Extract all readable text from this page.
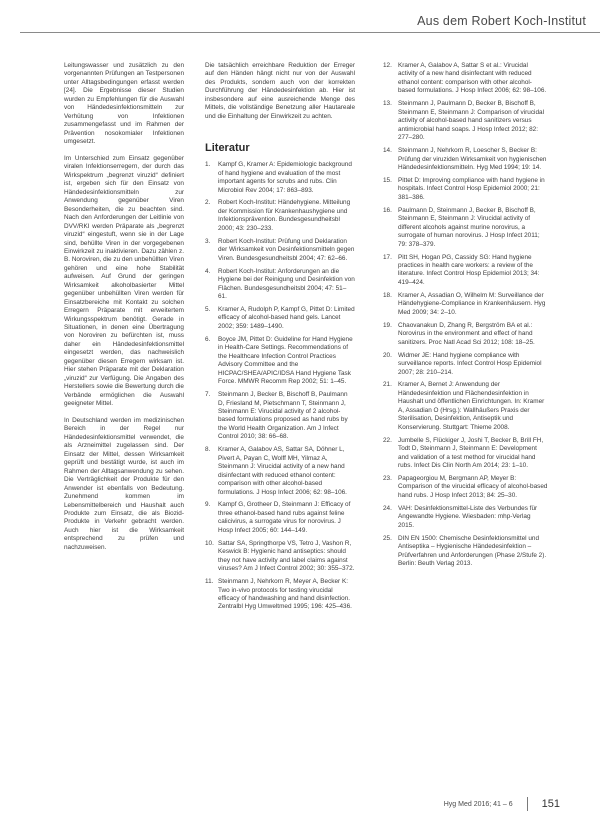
Aus dem Robert Koch-Institut

Leitungswasser und zusätzlich zu den vorgenannten Prüfungen an Testpersonen unter Alltagsbedingungen erfasst werden [24]. Die Ergebnisse dieser Studien wurden zu Empfehlungen für die Auswahl von Händedesinfektionsmitteln zur Verhütung von Infektionen zusammengefasst und im Rahmen der Prävention nosokomialer Infektionen umgesetzt.

Im Unterschied zum Einsatz gegenüber viralen Infektionserregern, der durch das Wirkspektrum „begrenzt viruzid“ definiert ist, ergeben sich für den Einsatz von Händedesinfektionsmitteln zur Anwendung gegenüber Viren Besonderheiten, die zu beachten sind. Nach den Anforderungen der Leitlinie von DVV/RKI werden Präparate als „begrenzt viruzid“ eingestuft, wenn sie in der Lage sind, behüllte Viren in der vorgegebenen Einwirkzeit zu inaktivieren. Dazu zählen z. B. Noroviren, die zu den unbehüllten Viren gehören und eine hohe Stabilität aufweisen. Auf Grund der geringen Wirksamkeit alkoholbasierter Mittel gegenüber unbehüllten Viren werden für Einsatzbereiche mit Kontakt zu solchen Erregern Präparate mit erweitertem Wirkungsspektrum benötigt. Gerade in Situationen, in denen eine Übertragung von Noroviren zu befürchten ist, muss daher ein Händedesinfektionsmittel eingesetzt werden, das nachweislich gegenüber diesen Erregern wirksam ist. Hier stehen Präparate mit der Deklaration „viruzid“ zur Verfügung. Die Angaben des Herstellers sowie die Bewertung durch die Verbände ermöglichen die Auswahl geeigneter Mittel.

In Deutschland werden im medizinischen Bereich in der Regel nur Händedesinfektionsmittel verwendet, die als Arzneimittel zugelassen sind. Der Einsatz der Mittel, dessen Wirksamkeit geprüft und bestätigt wurde, ist auch im Rahmen der Alltagsanwendung zu sehen. Die Verträglichkeit der Produkte für den Anwender ist ebenfalls von Bedeutung. Zunehmend kommen im Lebensmittelbereich und Haushalt auch Produkte zum Einsatz, die als Biozid-Produkte in Verkehr gebracht werden. Auch hier ist die Wirksamkeit entsprechend zu prüfen und nachzuweisen.

Die tatsächlich erreichbare Reduktion der Erreger auf den Händen hängt nicht nur von der Auswahl des Produkts, sondern auch von der korrekten Durchführung der Händedesinfektion ab. Hier ist insbesondere auf eine ausreichende Menge des Mittels, die vollständige Benetzung aller Hautareale und die Einhaltung der Einwirkzeit zu achten.

Literatur
1.	Kampf G, Kramer A: Epidemiologic background of hand hygiene and evaluation of the most important agents for scrubs and rubs. Clin Microbiol Rev 2004; 17: 863–893.
2.	Robert Koch-Institut: Händehygiene. Mitteilung der Kommission für Krankenhaushygiene und Infektionsprävention. Bundesgesundheitsbl 2000; 43: 230–233.
3.	Robert Koch-Institut: Prüfung und Deklaration der Wirksamkeit von Desinfektionsmitteln gegen Viren. Bundesgesundheitsbl 2004; 47: 62–66.
4.	Robert Koch-Institut: Anforderungen an die Hygiene bei der Reinigung und Desinfektion von Flächen. Bundesgesundheitsbl 2004; 47: 51–61.
5.	Kramer A, Rudolph P, Kampf G, Pittet D: Limited efficacy of alcohol-based hand gels. Lancet 2002; 359: 1489–1490.
6.	Boyce JM, Pittet D: Guideline for Hand Hygiene in Health-Care Settings. Recommendations of the Healthcare Infection Control Practices Advisory Committee and the HICPAC/SHEA/APIC/IDSA Hand Hygiene Task Force. MMWR Recomm Rep 2002; 51: 1–45.
7.	Steinmann J, Becker B, Bischoff B, Paulmann D, Friesland M, Pietschmann T, Steinmann J, Steinmann E: Virucidal activity of 2 alcohol-based formulations proposed as hand rubs by the World Health Organization. Am J Infect Control 2010; 38: 66–68.
8.	Kramer A, Galabov AS, Sattar SA, Döhner L, Pivert A, Payan C, Wolff MH, Yilmaz A, Steinmann J: Virucidal activity of a new hand disinfectant with reduced ethanol content: comparison with other alcohol-based formulations. J Hosp Infect 2006; 62: 98–106.
9.	Kampf G, Grotheer D, Steinmann J: Efficacy of three ethanol-based hand rubs against feline calicivirus, a surrogate virus for norovirus. J Hosp Infect 2005; 60: 144–149.
10. Sattar SA, Springthorpe VS, Tetro J, Vashon R, Keswick B: Hygienic hand antiseptics: should they not have activity and label claims against viruses? Am J Infect Control 2002; 30: 355–372.
11. Steinmann J, Nehrkorn R, Meyer A, Becker K: Two in-vivo protocols for testing virucidal efficacy of handwashing and hand disinfection. Zentralbl Hyg Umweltmed 1995; 196: 425–436.
12. Kramer A, Galabov A, Sattar S et al.: Virucidal activity of a new hand disinfectant with reduced ethanol content: comparison with other alcohol-based formulations. J Hosp Infect 2006; 62: 98–106.
13. Steinmann J, Paulmann D, Becker B, Bischoff B, Steinmann E, Steinmann J: Comparison of virucidal activity of alcohol-based hand sanitizers versus antimicrobial hand soaps. J Hosp Infect 2012; 82: 277–280.
14. Steinmann J, Nehrkorn R, Loescher S, Becker B: Prüfung der viruziden Wirksamkeit von hygienischen Händedesinfektionsmitteln. Hyg Med 1994; 19: 14.
15. Pittet D: Improving compliance with hand hygiene in hospitals. Infect Control Hosp Epidemiol 2000; 21: 381–386.
16. Paulmann D, Steinmann J, Becker B, Bischoff B, Steinmann E, Steinmann J: Virucidal activity of different alcohols against murine norovirus, a surrogate of human norovirus. J Hosp Infect 2011; 79: 378–379.
17. Pitt SH, Hogan PG, Cassidy SG: Hand hygiene practices in health care workers: a review of the literature. Infect Control Hosp Epidemiol 2013; 34: 419–424.
18. Kramer A, Assadian O, Wilhelm M: Surveillance der Händehygiene-Compliance in Krankenhäusern. Hyg Med 2009; 34: 2–10.
19. Chaovanakun D, Zhang R, Bergström BA et al.: Norovirus in the environment and effect of hand sanitizers. Proc Natl Acad Sci 2012; 108: 18–25.
20. Widmer JE: Hand hygiene compliance with surveillance reports. Infect Control Hosp Epidemiol 2007; 28: 210–214.
21. Kramer A, Bernet J: Anwendung der Händedesinfektion und Flächendesinfektion in Haushalt und öffentlichen Einrichtungen. In: Kramer A, Assadian O (Hrsg.): Wallhäußers Praxis der Sterilisation, Desinfektion, Antiseptik und Konservierung. Stuttgart: Thieme 2008.
22. Jumbelle S, Flückiger J, Joshi T, Becker B, Brill FH, Todt D, Steinmann J, Steinmann E: Development and validation of a test method for virucidal hand rubs. Infect Dis Clin North Am 2014; 23: 1–10.
23. Papageorgiou M, Bergmann AP, Meyer B: Comparison of the virucidal efficacy of alcohol-based hand rubs. J Hosp Infect 2013; 84: 25–30.
24. VAH: Desinfektionsmittel-Liste des Verbundes für Angewandte Hygiene. Wiesbaden: mhp-Verlag 2015.
25. DIN EN 1500: Chemische Desinfektionsmittel und Antiseptika – Hygienische Händedesinfektion – Prüfverfahren und Anforderungen (Phase 2/Stufe 2). Berlin: Beuth Verlag 2013.
Hyg Med 2016; 41 – 6	151
